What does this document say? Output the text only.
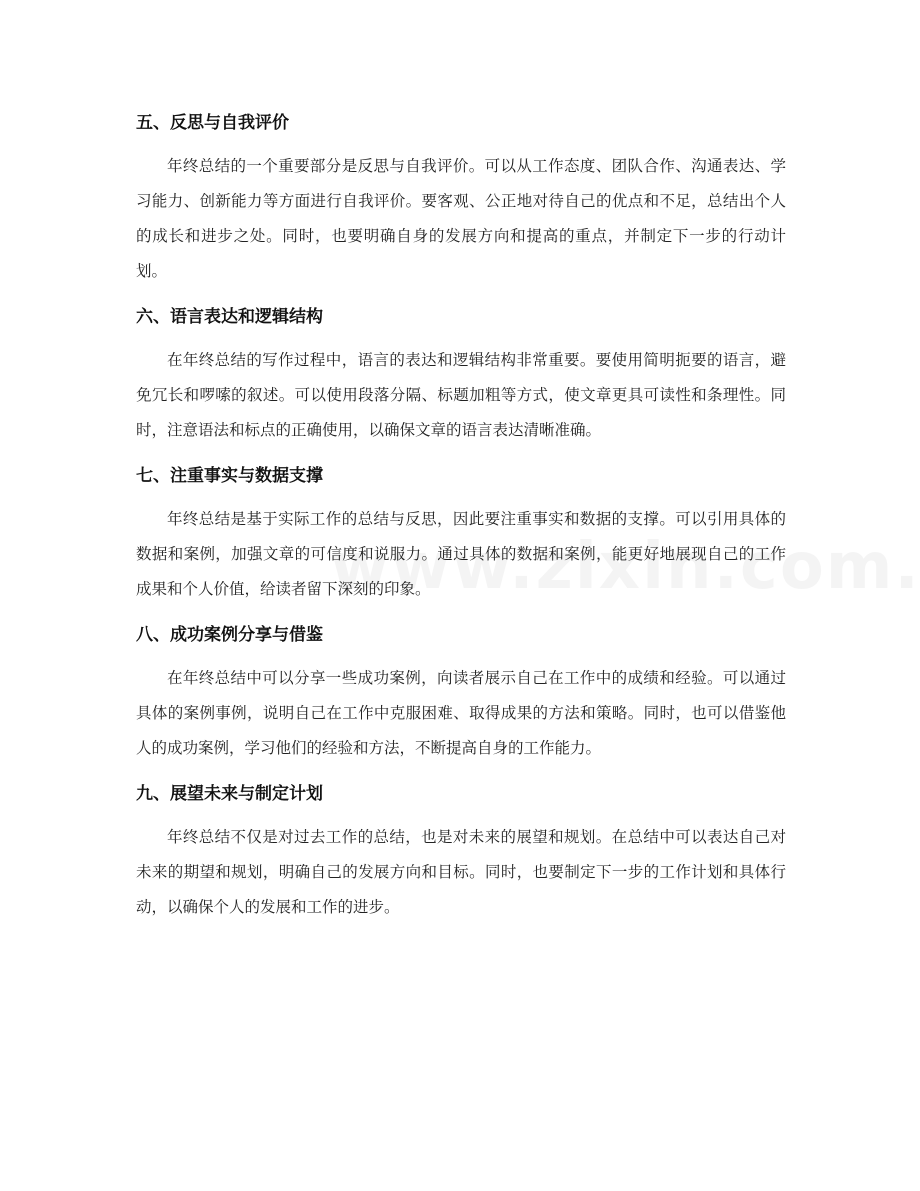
五、反思与自我评价

年终总结的一个重要部分是反思与自我评价。可以从工作态度、团队合作、沟通表达、学习能力、创新能力等方面进行自我评价。要客观、公正地对待自己的优点和不足，总结出个人的成长和进步之处。同时，也要明确自身的发展方向和提高的重点，并制定下一步的行动计划。

六、语言表达和逻辑结构

在年终总结的写作过程中，语言的表达和逻辑结构非常重要。要使用简明扼要的语言，避免冗长和啰嗦的叙述。可以使用段落分隔、标题加粗等方式，使文章更具可读性和条理性。同时，注意语法和标点的正确使用，以确保文章的语言表达清晰准确。

七、注重事实与数据支撑

年终总结是基于实际工作的总结与反思，因此要注重事实和数据的支撑。可以引用具体的数据和案例，加强文章的可信度和说服力。通过具体的数据和案例，能更好地展现自己的工作成果和个人价值，给读者留下深刻的印象。

八、成功案例分享与借鉴

在年终总结中可以分享一些成功案例，向读者展示自己在工作中的成绩和经验。可以通过具体的案例事例，说明自己在工作中克服困难、取得成果的方法和策略。同时，也可以借鉴他人的成功案例，学习他们的经验和方法，不断提高自身的工作能力。

九、展望未来与制定计划

年终总结不仅是对过去工作的总结，也是对未来的展望和规划。在总结中可以表达自己对未来的期望和规划，明确自己的发展方向和目标。同时，也要制定下一步的工作计划和具体行动，以确保个人的发展和工作的进步。
